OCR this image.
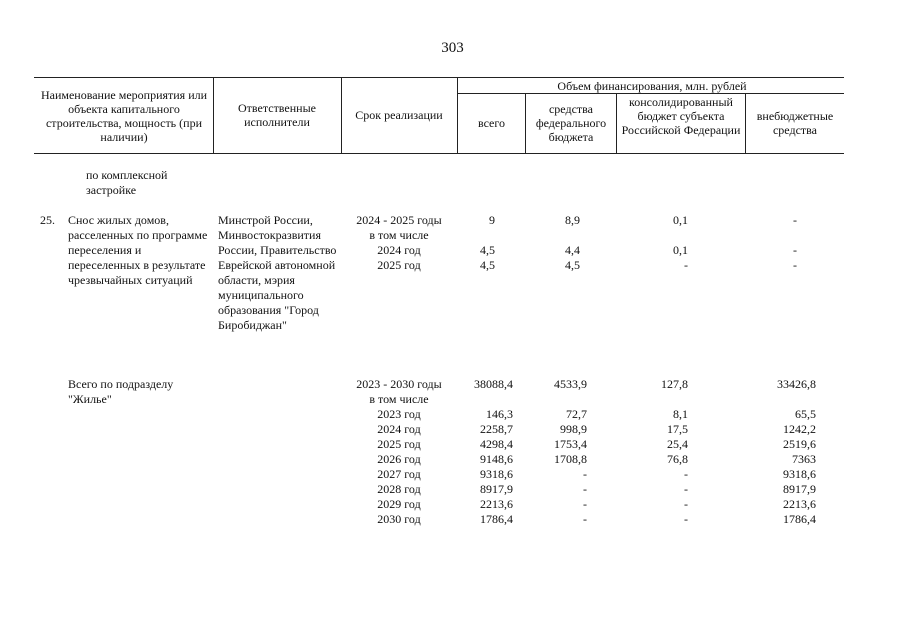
303
Наименование мероприятия или объекта капитального строительства, мощность (при наличии)
Ответственные исполнители	Срок реализации
Объем финансирования, млн. рублей
всего
средства федерального бюджета
консолидированный бюджет субъекта Российской Федерации
внебюджетные средства
по комплексной застройке
25. Снос жилых домов, расселенных по программе переселения и переселенных в результате чрезвычайных ситуаций
Минстрой России, Минвостокразвития России, Правительство Еврейской автономной области, мэрия муниципального образования "Город Биробиджан"
2024 - 2025 годы
в том числе
2024 год
2025 год
9
4,5
4,5
8,9
4,4
4,5
0,1
0,1
-
-
-
-
Всего по подразделу "Жилье"
2023 - 2030 годы
в том числе
2023 год
2024 год
2025 год
2026 год
2027 год
2028 год
2029 год
2030 год
38088,4
146,3
2258,7
4298,4
9148,6
9318,6
8917,9
2213,6
1786,4
4533,9
72,7
998,9
1753,4
1708,8
-
-
-
-
127,8
8,1
17,5
25,4
76,8
-
-
-
-
33426,8
65,5
1242,2
2519,6
7363
9318,6
8917,9
2213,6
1786,4
